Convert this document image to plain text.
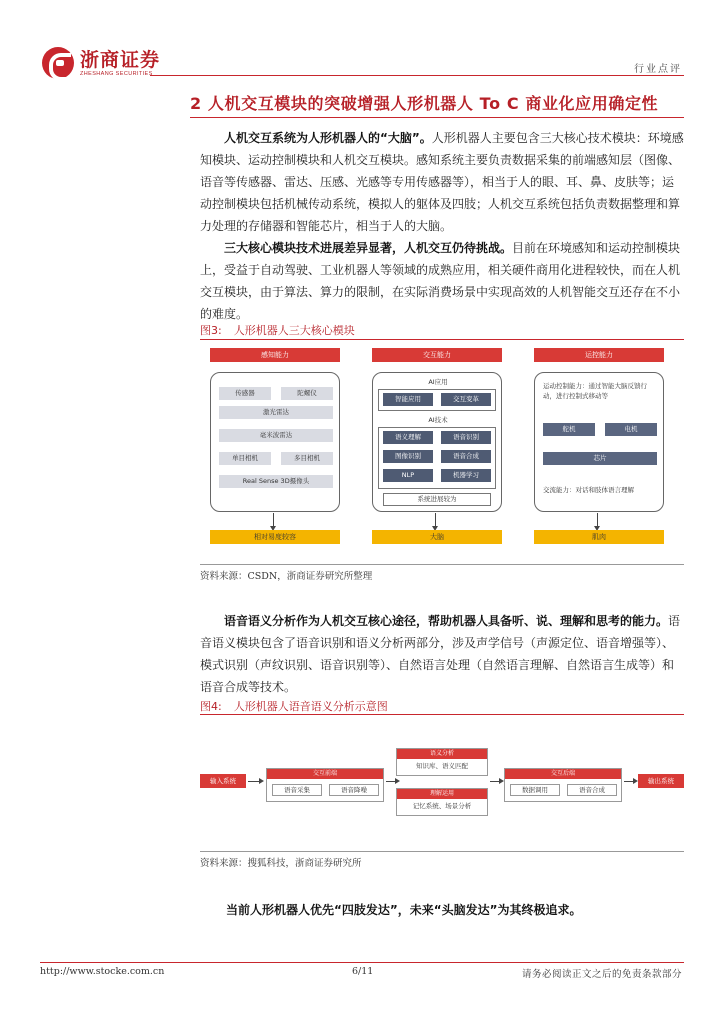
浙商证券
ZHESHANG SECURITIES	行业点评
2 人机交互模块的突破增强人形机器人 To C 商业化应用确定性
人机交互系统为人形机器人的“大脑”。人形机器人主要包含三大核心技术模块：环境感知模块、运动控制模块和人机交互模块。感知系统主要负责数据采集的前端感知层（图像、语音等传感器、雷达、压感、光感等专用传感器等），相当于人的眼、耳、鼻、皮肤等；运动控制模块包括机械传动系统，模拟人的躯体及四肢；人机交互系统包括负责数据整理和算力处理的存储器和智能芯片，相当于人的大脑。
三大核心模块技术进展差异显著，人机交互仍待挑战。目前在环境感知和运动控制模块上，受益于自动驾驶、工业机器人等领域的成熟应用，相关硬件商用化进程较快，而在人机交互模块，由于算法、算力的限制，在实际消费场景中实现高效的人机智能交互还存在不小的难度。
图3: 人形机器人三大核心模块
感知能力
传感器	陀螺仪
激光雷达
毫米波雷达
单目相机	多目相机
Real Sense 3D摄像头
相对易度较容
交互能力
AI应用
智能应用	交互变革
AI技术
语义理解	语音识别
图像识别	语音合成
NLP	机器学习
系统进展较为
大脑
运控能力
运动控制能力：通过智能大脑反馈行动，进行控制式移动等
舵机	电机
芯片
交流能力：对话和肢体语言理解
肌肉
资料来源：CSDN，浙商证券研究所整理
语音语义分析作为人机交互核心途径，帮助机器人具备听、说、理解和思考的能力。语音语义模块包含了语音识别和语义分析两部分，涉及声学信号（声源定位、语音增强等）、模式识别（声纹识别、语音识别等）、自然语言处理（自然语言理解、自然语言生成等）和语音合成等技术。
图4: 人形机器人语音语义分析示意图
输入系统
交互前端
语音采集	语音降噪
语义分析
知识库、语义匹配
理解运用
记忆系统、场景分析
交互后端
数据调用	语音合成
输出系统
资料来源：搜狐科技，浙商证券研究所
当前人形机器人优先“四肢发达”，未来“头脑发达”为其终极追求。
http://www.stocke.com.cn	6/11	请务必阅读正文之后的免责条款部分
